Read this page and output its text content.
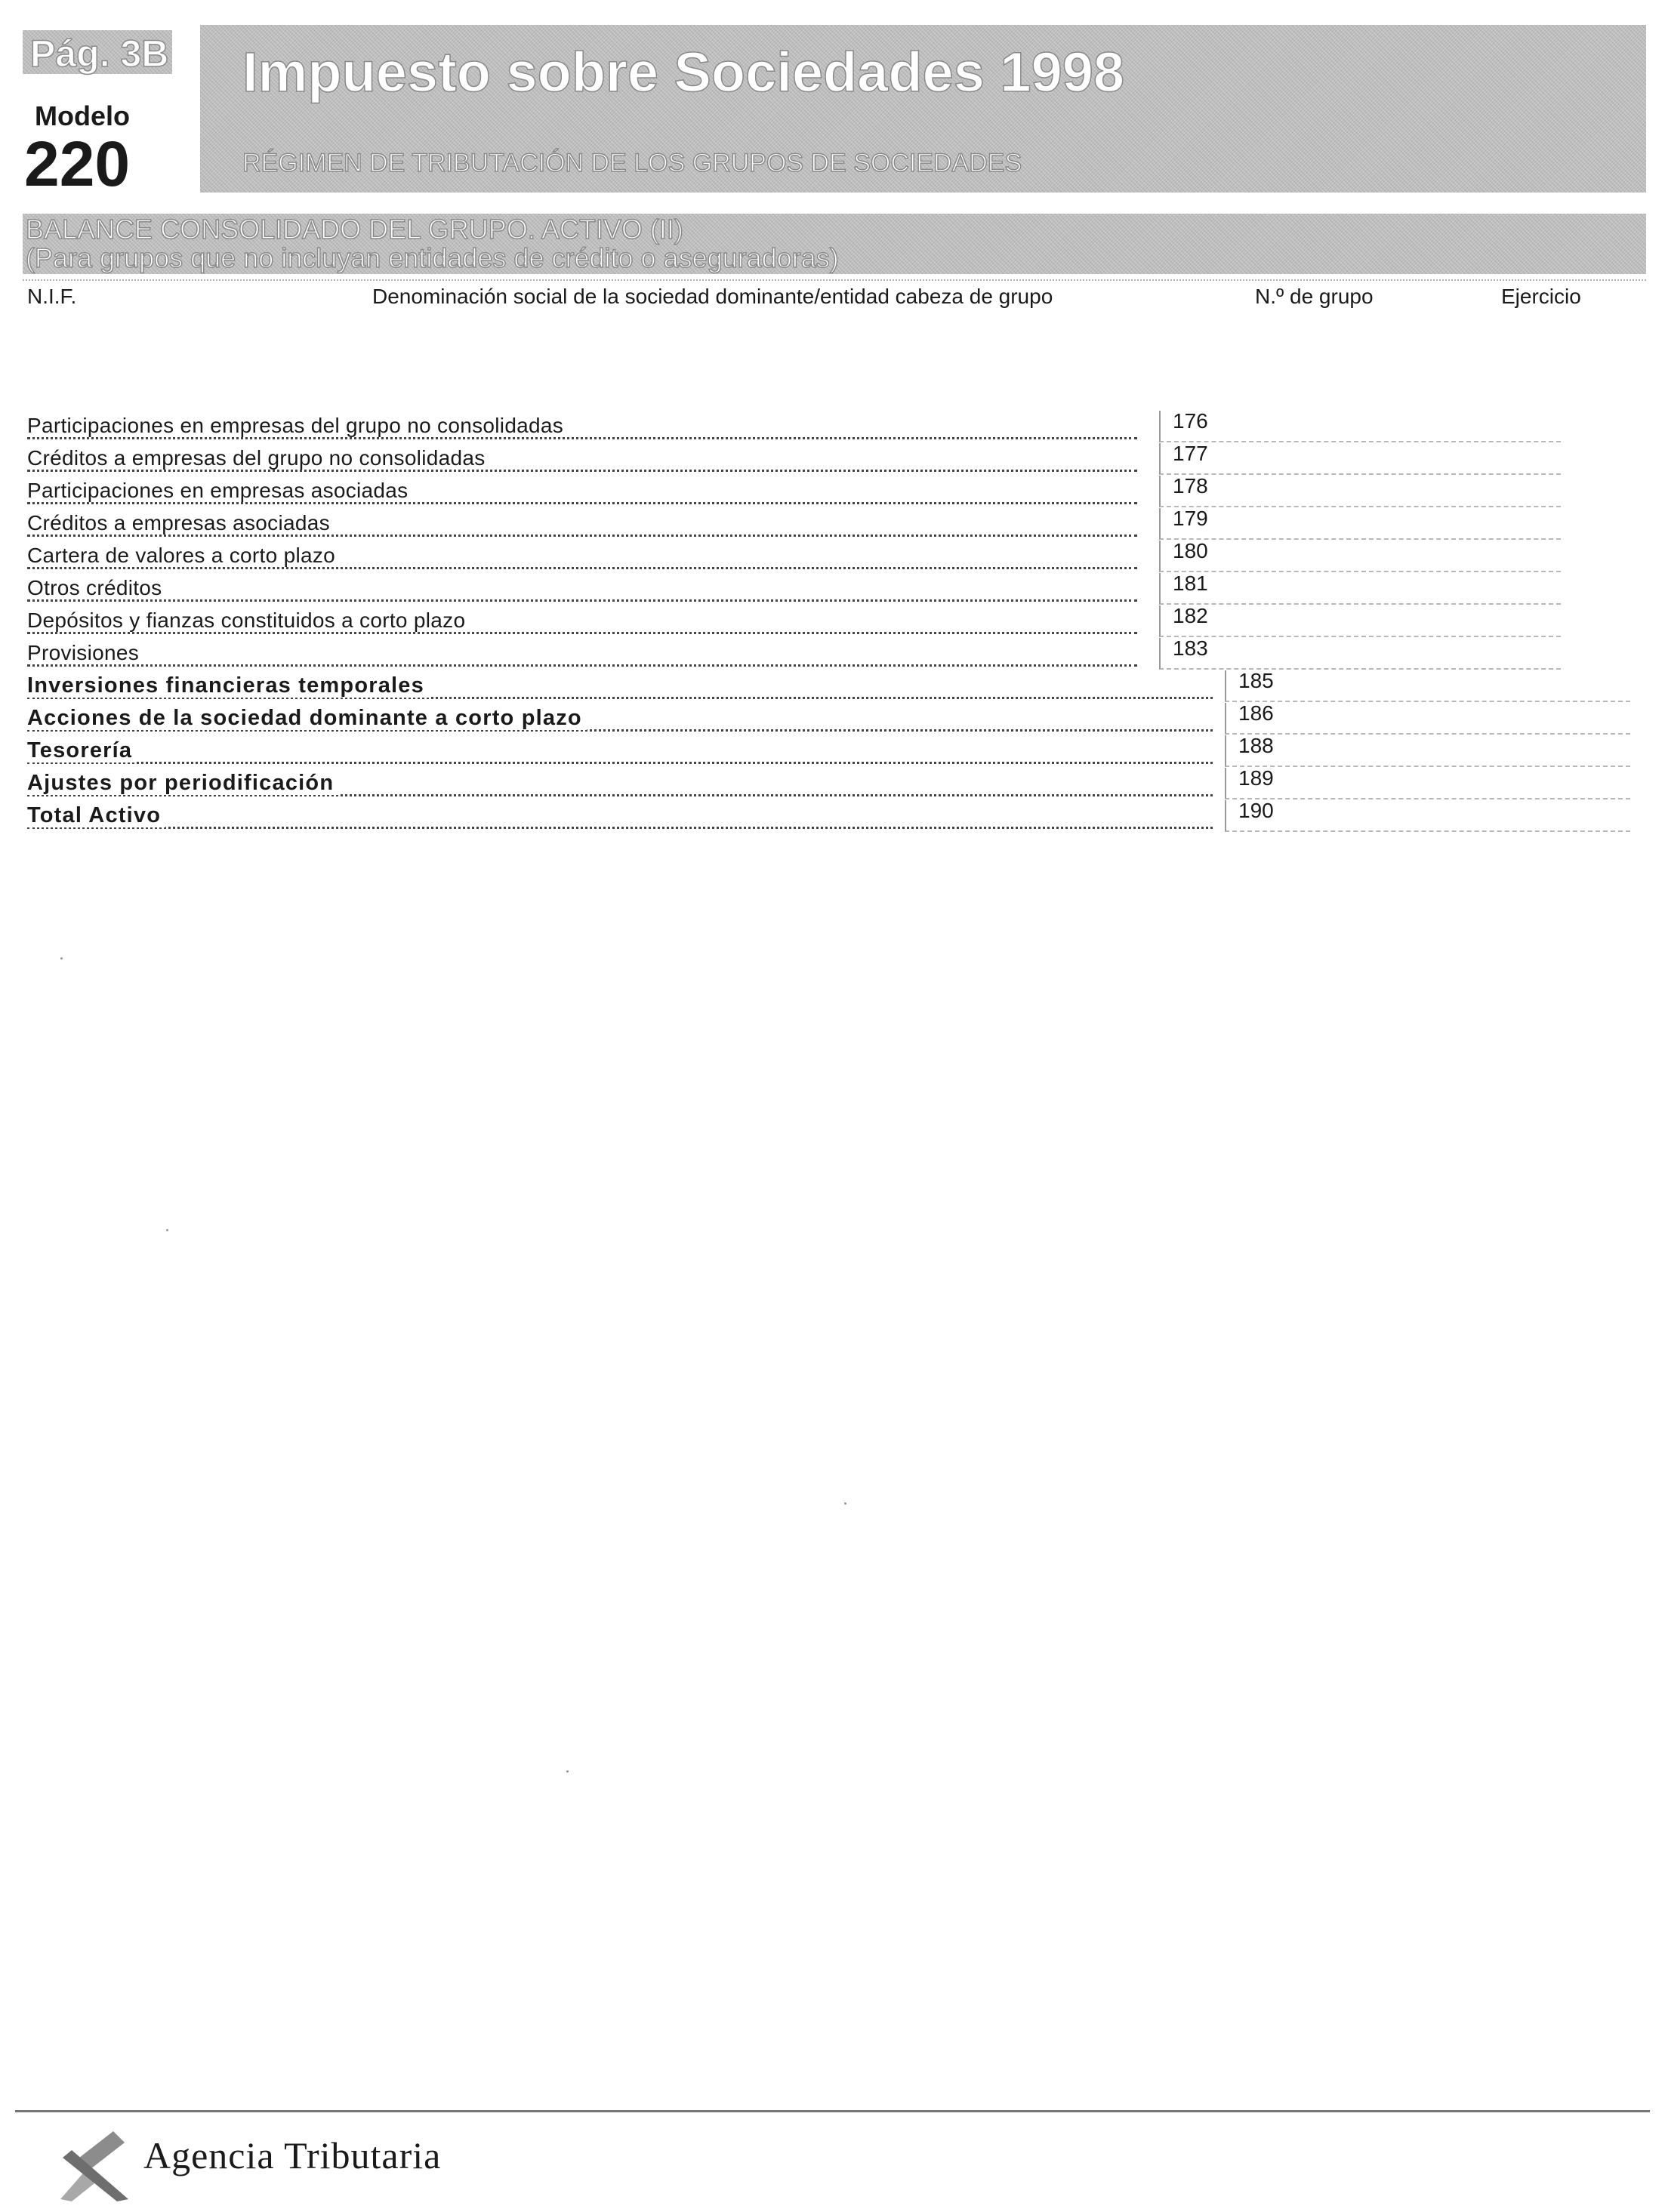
Pág. 3B Impuesto sobre Sociedades 1998
RÉGIMEN DE TRIBUTACIÓN DE LOS GRUPOS DE SOCIEDADES
Modelo
220
BALANCE CONSOLIDADO DEL GRUPO. ACTIVO (II)
(Para grupos que no incluyan entidades de crédito o aseguradoras)
N.I.F.	Denominación social de la sociedad dominante/entidad cabeza de grupo	N.º de grupo	Ejercicio
Participaciones en empresas del grupo no consolidadas	176
Créditos a empresas del grupo no consolidadas	177
Participaciones en empresas asociadas	178
Créditos a empresas asociadas	179
Cartera de valores a corto plazo	180
Otros créditos	181
Depósitos y fianzas constituidos a corto plazo	182
Provisiones	183
Inversiones financieras temporales	185
Acciones de la sociedad dominante a corto plazo	186
Tesorería	188
Ajustes por periodificación	189
Total Activo	190
Agencia Tributaria
